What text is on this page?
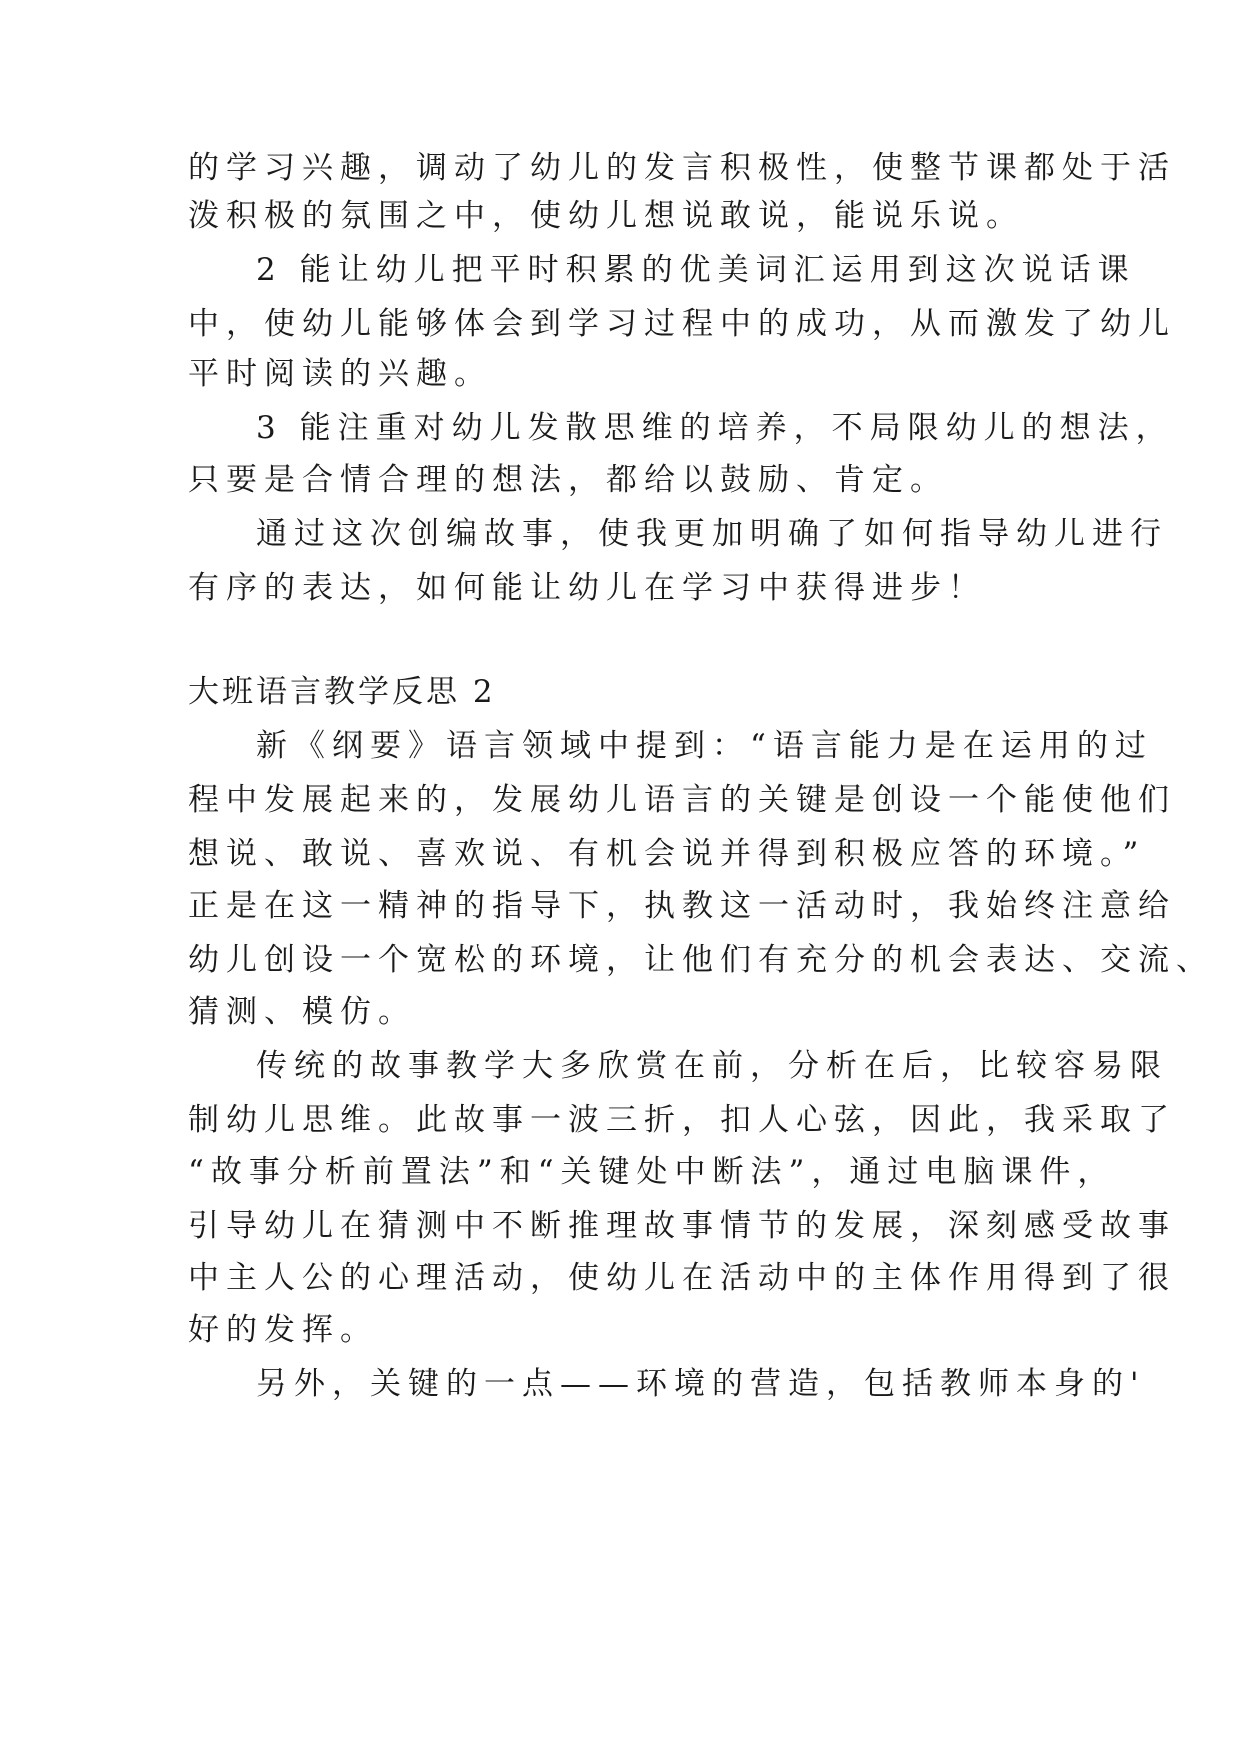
的学习兴趣，调动了幼儿的发言积极性，使整节课都处于活
泼积极的氛围之中，使幼儿想说敢说，能说乐说。
2 能让幼儿把平时积累的优美词汇运用到这次说话课
中，使幼儿能够体会到学习过程中的成功，从而激发了幼儿
平时阅读的兴趣。
3 能注重对幼儿发散思维的培养，不局限幼儿的想法，
只要是合情合理的想法，都给以鼓励、肯定。
通过这次创编故事，使我更加明确了如何指导幼儿进行
有序的表达，如何能让幼儿在学习中获得进步！
大班语言教学反思 2
新《纲要》语言领域中提到：“语言能力是在运用的过
程中发展起来的，发展幼儿语言的关键是创设一个能使他们
想说、敢说、喜欢说、有机会说并得到积极应答的环境。”
正是在这一精神的指导下，执教这一活动时，我始终注意给
幼儿创设一个宽松的环境，让他们有充分的机会表达、交流、
猜测、模仿。
传统的故事教学大多欣赏在前，分析在后，比较容易限
制幼儿思维。此故事一波三折，扣人心弦，因此，我采取了
“故事分析前置法”和“关键处中断法”，通过电脑课件，
引导幼儿在猜测中不断推理故事情节的发展，深刻感受故事
中主人公的心理活动，使幼儿在活动中的主体作用得到了很
好的发挥。
另外，关键的一点——环境的营造，包括教师本身的'
